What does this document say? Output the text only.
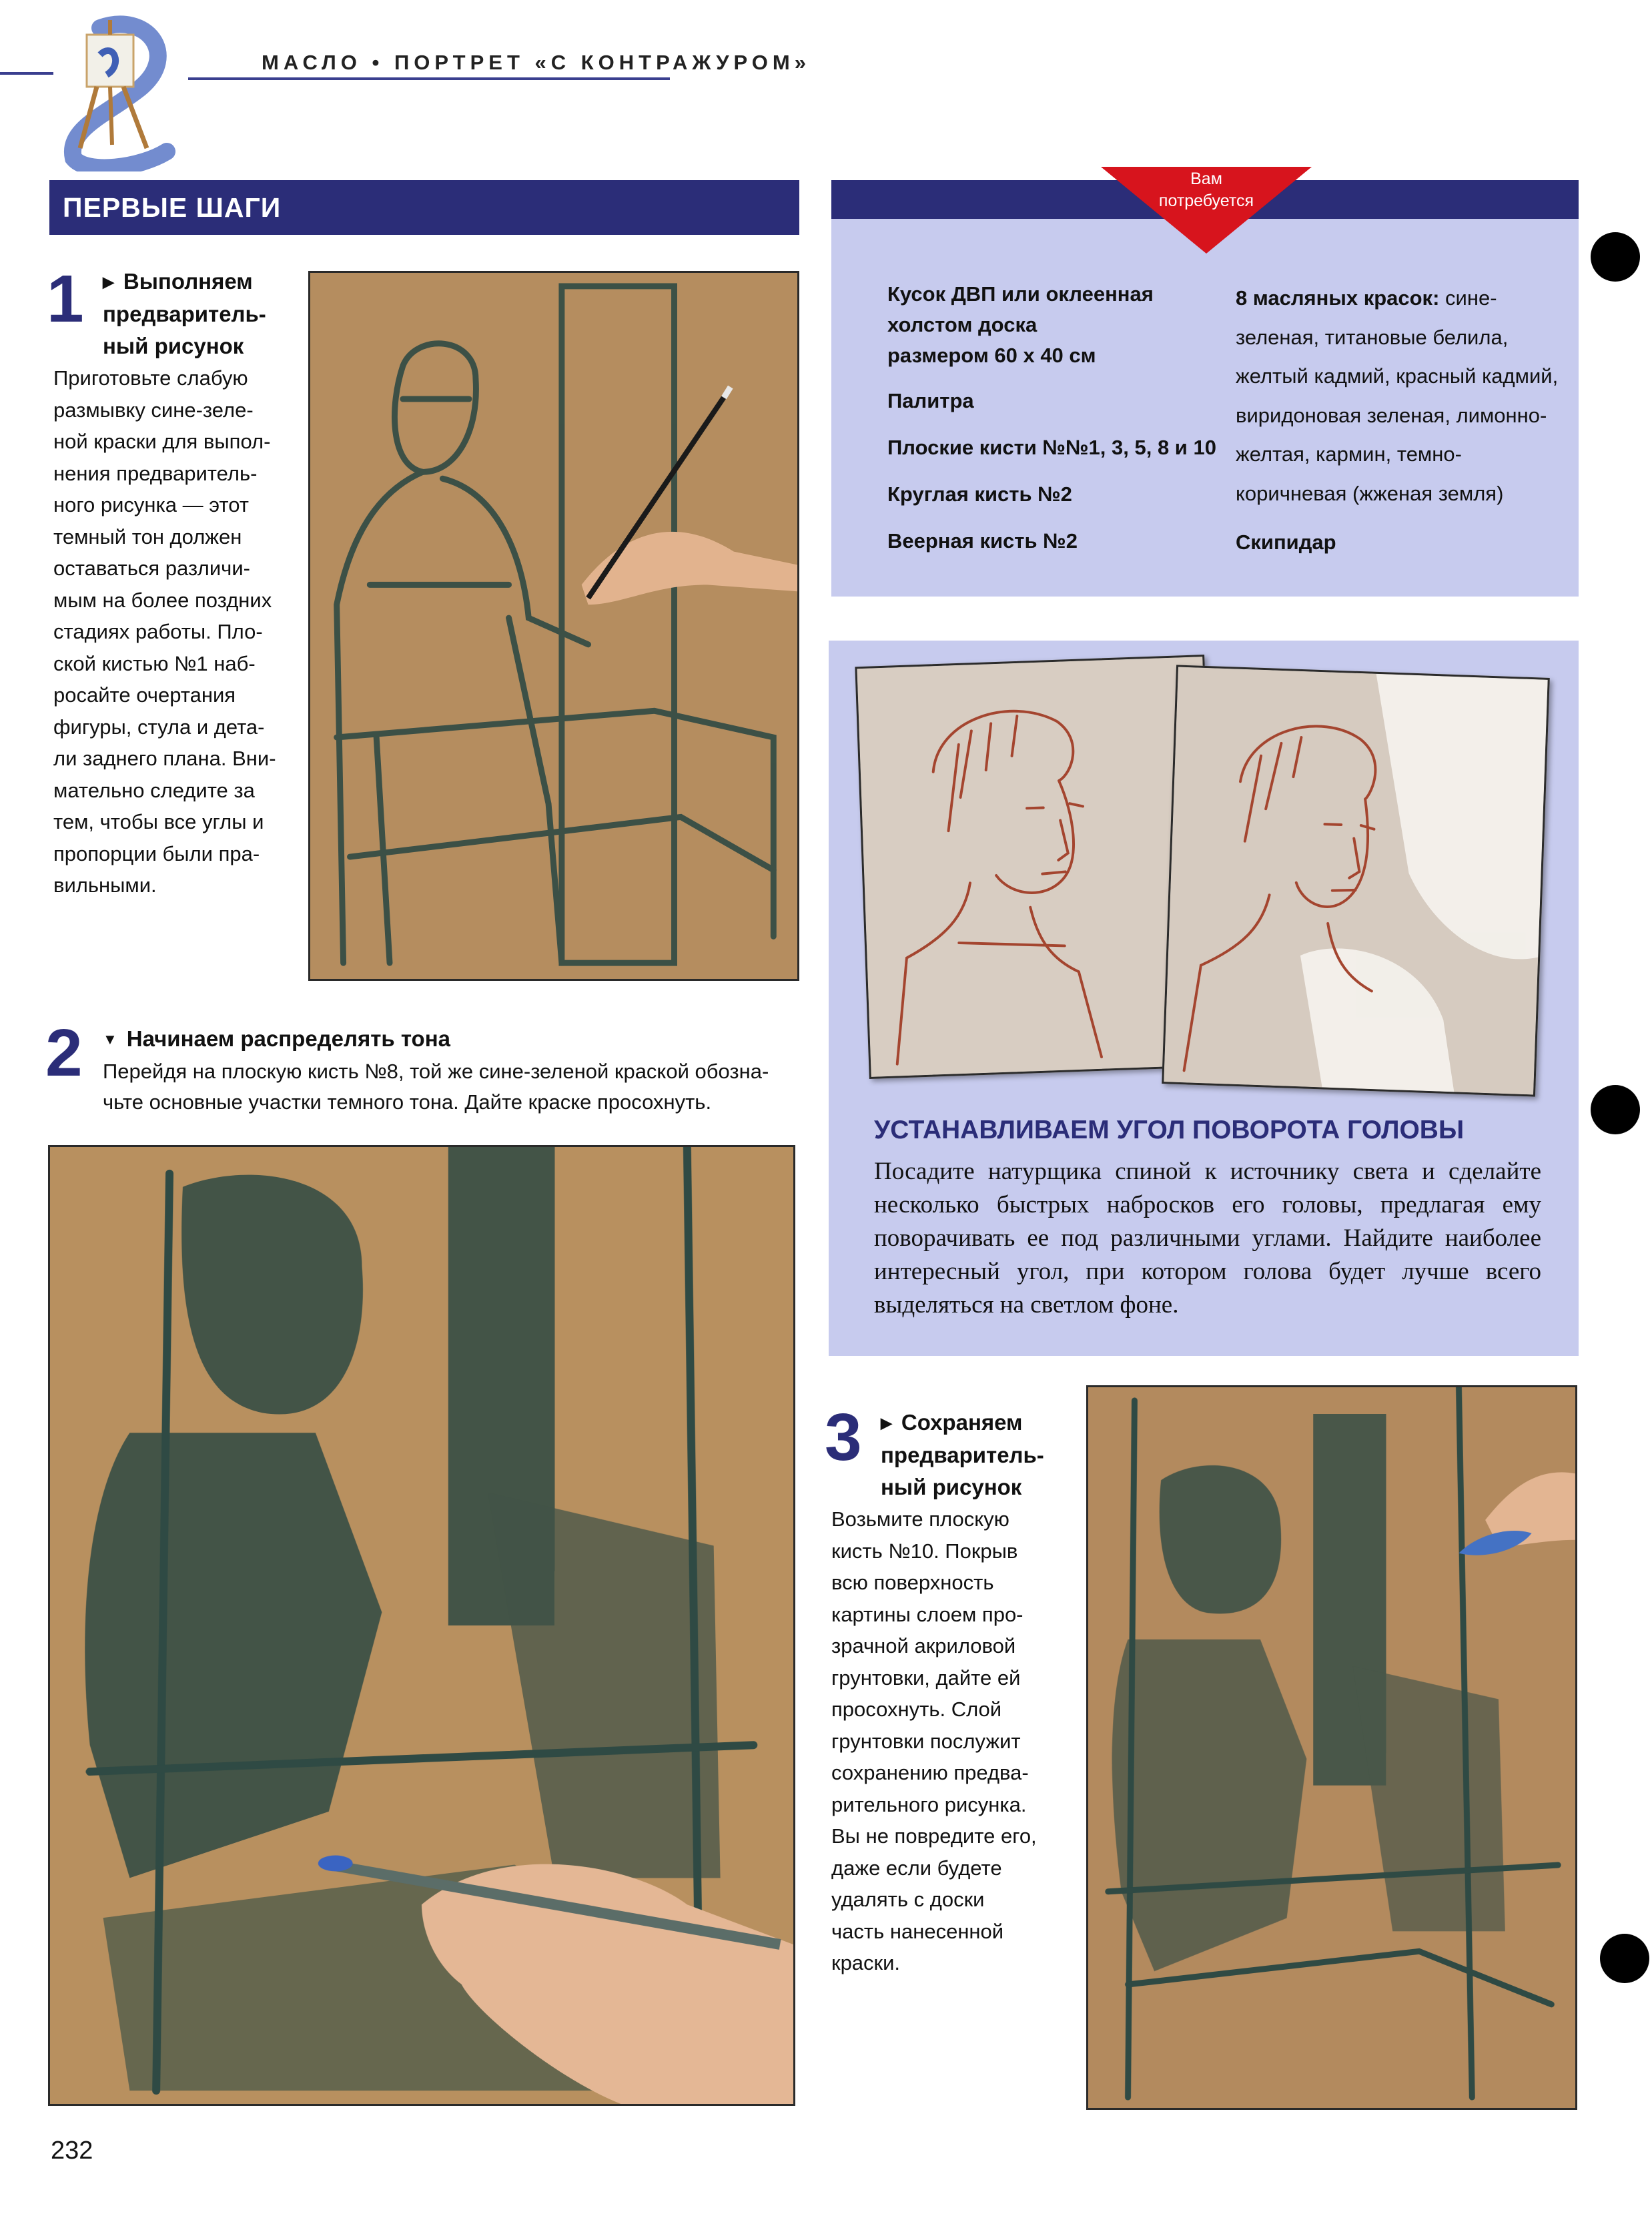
МАСЛО • ПОРТРЕТ «С КОНТРАЖУРОМ»
ПЕРВЫЕ ШАГИ
1 ▶ Выполняем
предваритель-
ный рисунок
Приготовьте слабую
размывку сине-зеле-
ной краски для выпол-
нения предваритель-
ного рисунка — этот
темный тон должен
оставаться различи-
мым на более поздних
стадиях работы. Пло-
ской кистью №1 наб-
росайте очертания
фигуры, стула и дета-
ли заднего плана. Вни-
мательно следите за
тем, чтобы все углы и
пропорции были пра-
вильными.
2 ▼ Начинаем распределять тона
Перейдя на плоскую кисть №8, той же сине-зеленой краской обозна-
чьте основные участки темного тона. Дайте краске просохнуть.
Вам
потребуется
Кусок ДВП или оклеенная
холстом доска
размером 60 x 40 см
Палитра
Плоские кисти №№1, 3, 5, 8 и 10
Круглая кисть №2
Веерная кисть №2
8 масляных красок: сине-
зеленая, титановые белила,
желтый кадмий, красный кадмий,
виридоновая зеленая, лимонно-
желтая, кармин, темно-
коричневая (жженая земля)
Скипидар
УСТАНАВЛИВАЕМ УГОЛ ПОВОРОТА ГОЛОВЫ
Посадите натурщика спиной к источнику света и сделайте несколько быстрых набросков его головы, предлагая ему поворачивать ее под различными углами. Найдите наиболее интересный угол, при котором голова будет лучше всего выделяться на светлом фоне.
3 ▶ Сохраняем
предваритель-
ный рисунок
Возьмите плоскую
кисть №10. Покрыв
всю поверхность
картины слоем про-
зрачной акриловой
грунтовки, дайте ей
просохнуть. Слой
грунтовки послужит
сохранению предва-
рительного рисунка.
Вы не повредите его,
даже если будете
удалять с доски
часть нанесенной
краски.
232
